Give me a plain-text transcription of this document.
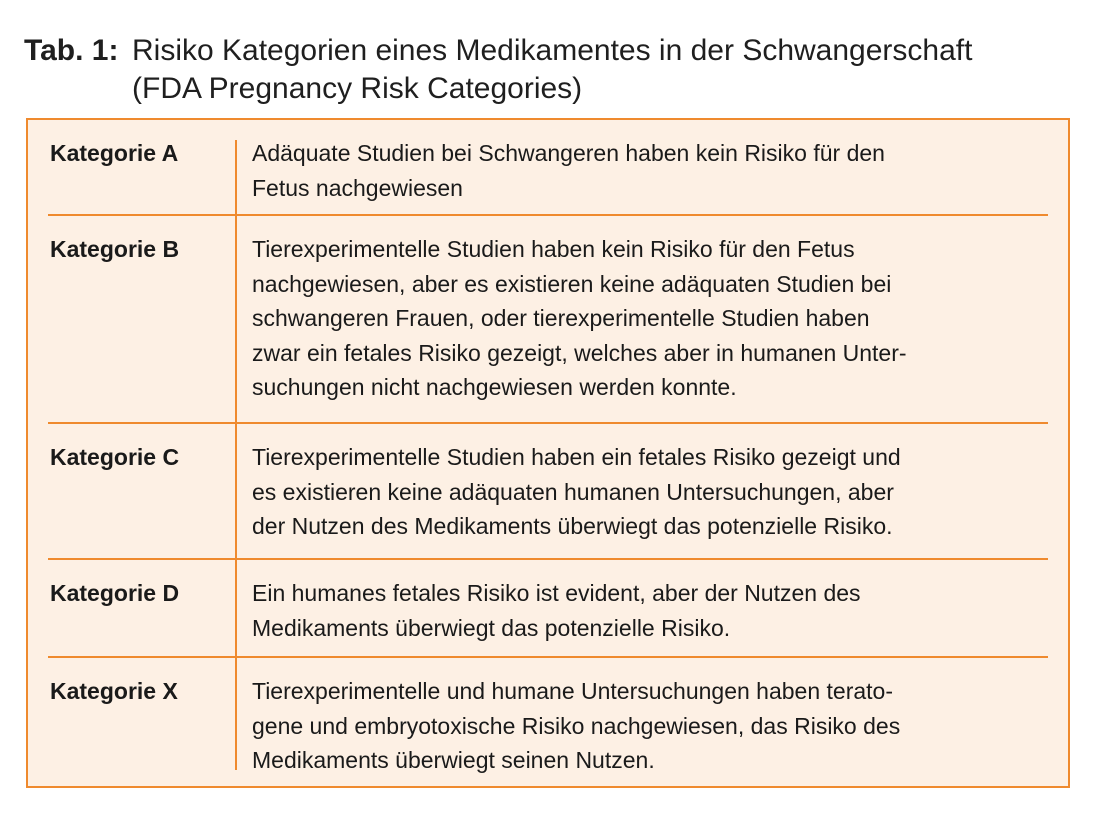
Tab. 1: Risiko Kategorien eines Medikamentes in der Schwangerschaft
(FDA Pregnancy Risk Categories)
Kategorie A	Adäquate Studien bei Schwangeren haben kein Risiko für den
Fetus nachgewiesen
Kategorie B	Tierexperimentelle Studien haben kein Risiko für den Fetus
nachgewiesen, aber es existieren keine adäquaten Studien bei
schwangeren Frauen, oder tierexperimentelle Studien haben
zwar ein fetales Risiko gezeigt, welches aber in humanen Unter-
suchungen nicht nachgewiesen werden konnte.
Kategorie C	Tierexperimentelle Studien haben ein fetales Risiko gezeigt und
es existieren keine adäquaten humanen Untersuchungen, aber
der Nutzen des Medikaments überwiegt das potenzielle Risiko.
Kategorie D	Ein humanes fetales Risiko ist evident, aber der Nutzen des
Medikaments überwiegt das potenzielle Risiko.
Kategorie X	Tierexperimentelle und humane Untersuchungen haben terato-
gene und embryotoxische Risiko nachgewiesen, das Risiko des
Medikaments überwiegt seinen Nutzen.
